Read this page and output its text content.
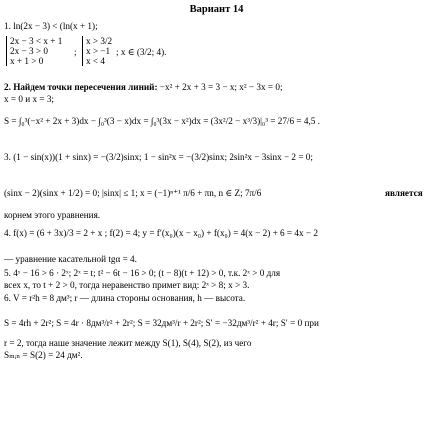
Вариант 14
1. ln(2x − 3) < (ln(x + 1);
2x − 3 < x + 1
2x − 3 > 0
x + 1 > 0
;
x > 3/2
x > −1
x < 4
; x ∈ (3/2; 4).
2. Найдем точки пересечения линий: −x² + 2x + 3 = 3 − x; x² − 3x = 0;
x = 0 и x = 3;
S = ∫₀³(−x² + 2x + 3)dx − ∫₀³(3 − x)dx = ∫₀³(3x − x²)dx = (3x²/2 − x³/3)|₀³ = 27/6 = 4,5 .
3. (1 − sin(x))(1 + sinx) = −(3/2)sinx; 1 − sin²x = −(3/2)sinx; 2sin²x − 3sinx − 2 = 0;
(sinx − 2)(sinx + 1/2) = 0; |sinx| ≤ 1; x = (−1)ⁿ⁺¹ π/6 + πn, n ∈ Z; 7π/6	является
корнем этого уравнения.
4. f(x) = (6 + 3x)/3 = 2 + x ; f(2) = 4; y = f′(x₀)(x − x₀) + f(x₀) = 4(x − 2) + 6 = 4x − 2
— уравнение касательной tgα = 4.
5. 4ˣ − 16 > 6 · 2ˣ; 2ˣ = t; t² − 6t − 16 > 0; (t − 8)(t + 12) > 0, т.к. 2ˣ > 0 для
всех x, то t + 2 > 0, тогда неравенство примет вид: 2ˣ > 8; x > 3.
6. V = r²h = 8 дм³; r — длина стороны основания, h — высота.
S = 4rh + 2r²; S = 4r · 8дм³/r² + 2r²; S = 32дм³/r + 2r²; S′ = −32дм³/r² + 4r; S′ = 0 при
r = 2, тогда наше значение лежит между S(1), S(4), S(2), из чего
Sₘᵢₙ = S(2) = 24 дм².
